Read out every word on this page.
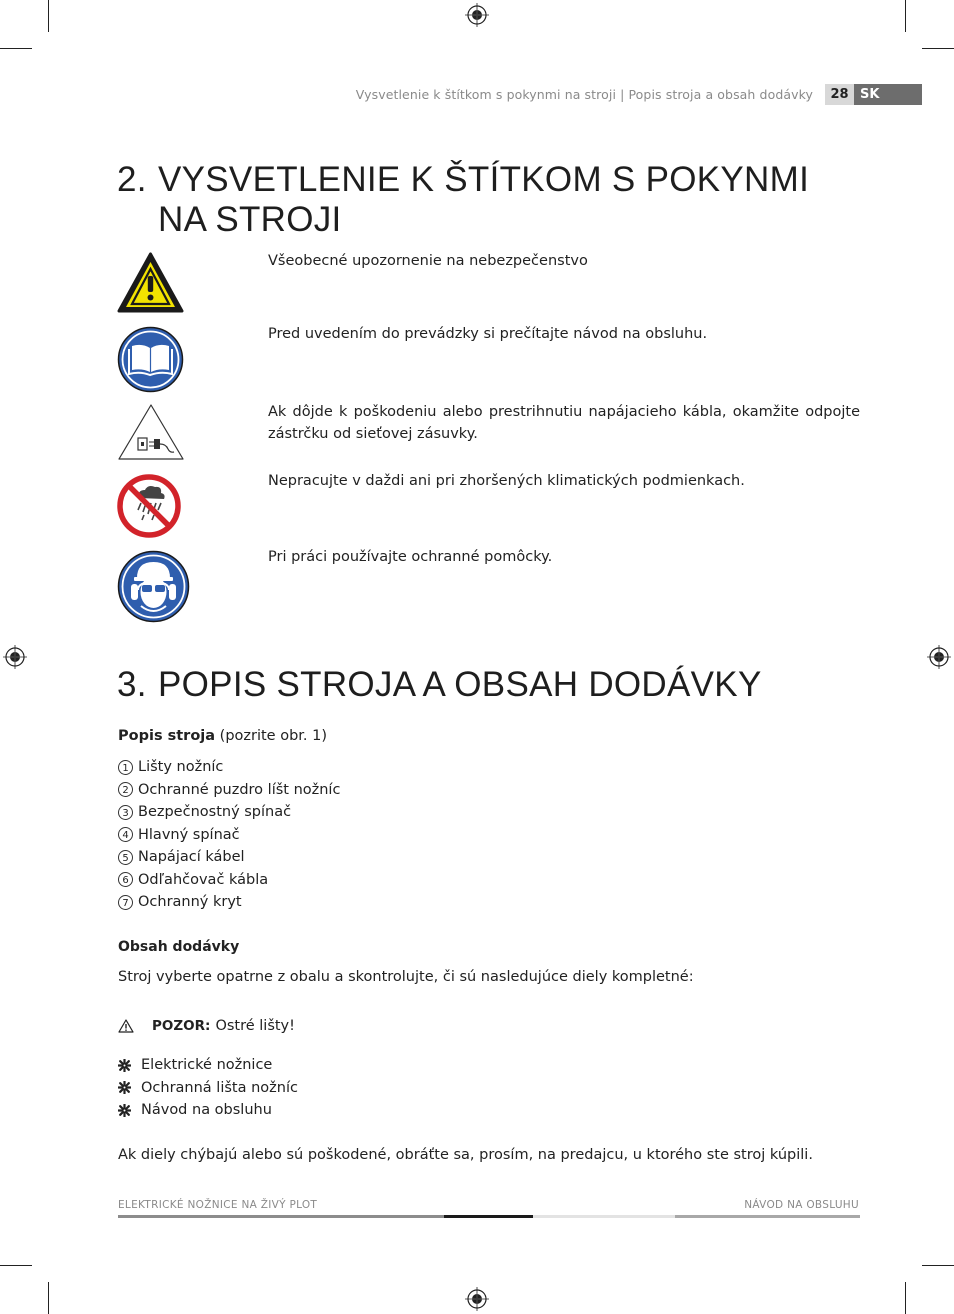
Vysvetlenie k štítkom s pokynmi na stroji | Popis stroja a obsah dodávky	28 SK
2. VYSVETLENIE K ŠTÍTKOM S POKYNMI
NA STROJI
Všeobecné upozornenie na nebezpečenstvo
Pred uvedením do prevádzky si prečítajte návod na obsluhu.
Ak dôjde k poškodeniu alebo prestrihnutiu napájacieho kábla, okamžite odpojte zástrčku od sieťovej zásuvky.
Nepracujte v daždi ani pri zhoršených klimatických podmienkach.
Pri práci používajte ochranné pomôcky.
3. POPIS STROJA A OBSAH DODÁVKY
Popis stroja (pozrite obr. 1)
1 Lišty nožníc
2 Ochranné puzdro líšt nožníc
3 Bezpečnostný spínač
4 Hlavný spínač
5 Napájací kábel
6 Odľahčovač kábla
7 Ochranný kryt
Obsah dodávky
Stroj vyberte opatrne z obalu a skontrolujte, či sú nasledujúce diely kompletné:
POZOR: Ostré lišty!
Elektrické nožnice
Ochranná lišta nožníc
Návod na obsluhu
Ak diely chýbajú alebo sú poškodené, obráťte sa, prosím, na predajcu, u ktorého ste stroj kúpili.
ELEKTRICKÉ NOŽNICE NA ŽIVÝ PLOT	NÁVOD NA OBSLUHU
